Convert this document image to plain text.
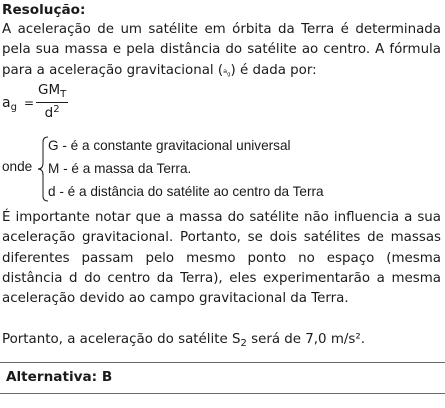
Resolução:

A aceleração de um satélite em órbita da Terra é determinada pela sua massa e pela distância do satélite ao centro. A fórmula para a aceleração gravitacional $(a_g)$ é dada por:

$a_g$ =
$GM_T$
$d^2$
onde
G - é a constante gravitacional universal
M - é a massa da Terra.
d - é a distância do satélite ao centro da Terra

É importante notar que a massa do satélite não influencia a sua aceleração gravitacional. Portanto, se dois satélites de massas diferentes passam pelo mesmo ponto no espaço (mesma distância d do centro da Terra), eles experimentarão a mesma aceleração devido ao campo gravitacional da Terra.

Portanto, a aceleração do satélite $S_2$ será de 7,0 m/s².

Alternativa: B
